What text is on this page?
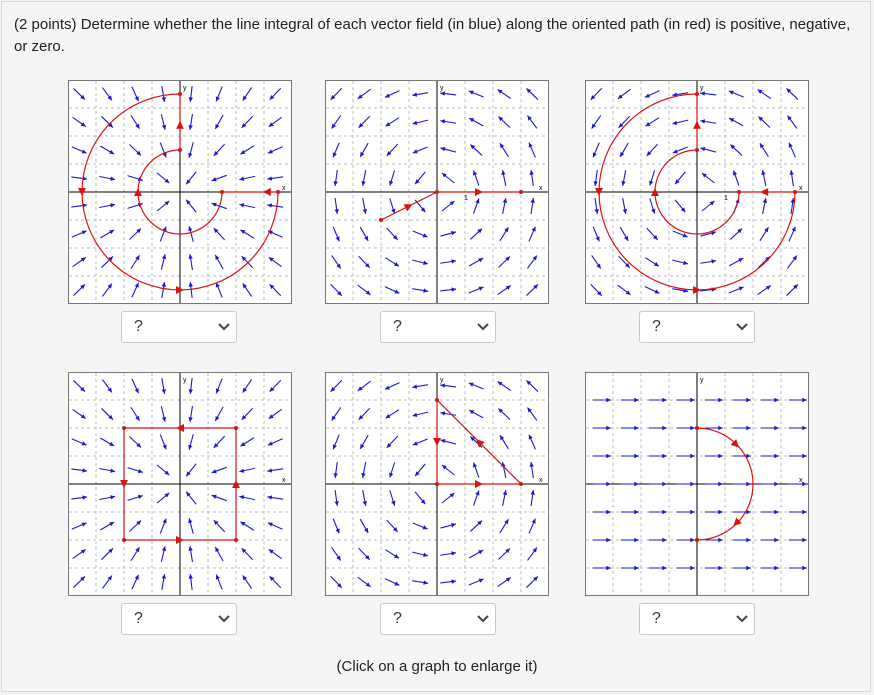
(2 points) Determine whether the line integral of each vector field (in blue) along the oriented path (in red) is positive, negative, or zero.

x
y
x
y
1
x
y
1
x
y
x
y
x
y
?	?	?
?	?	?
(Click on a graph to enlarge it)
